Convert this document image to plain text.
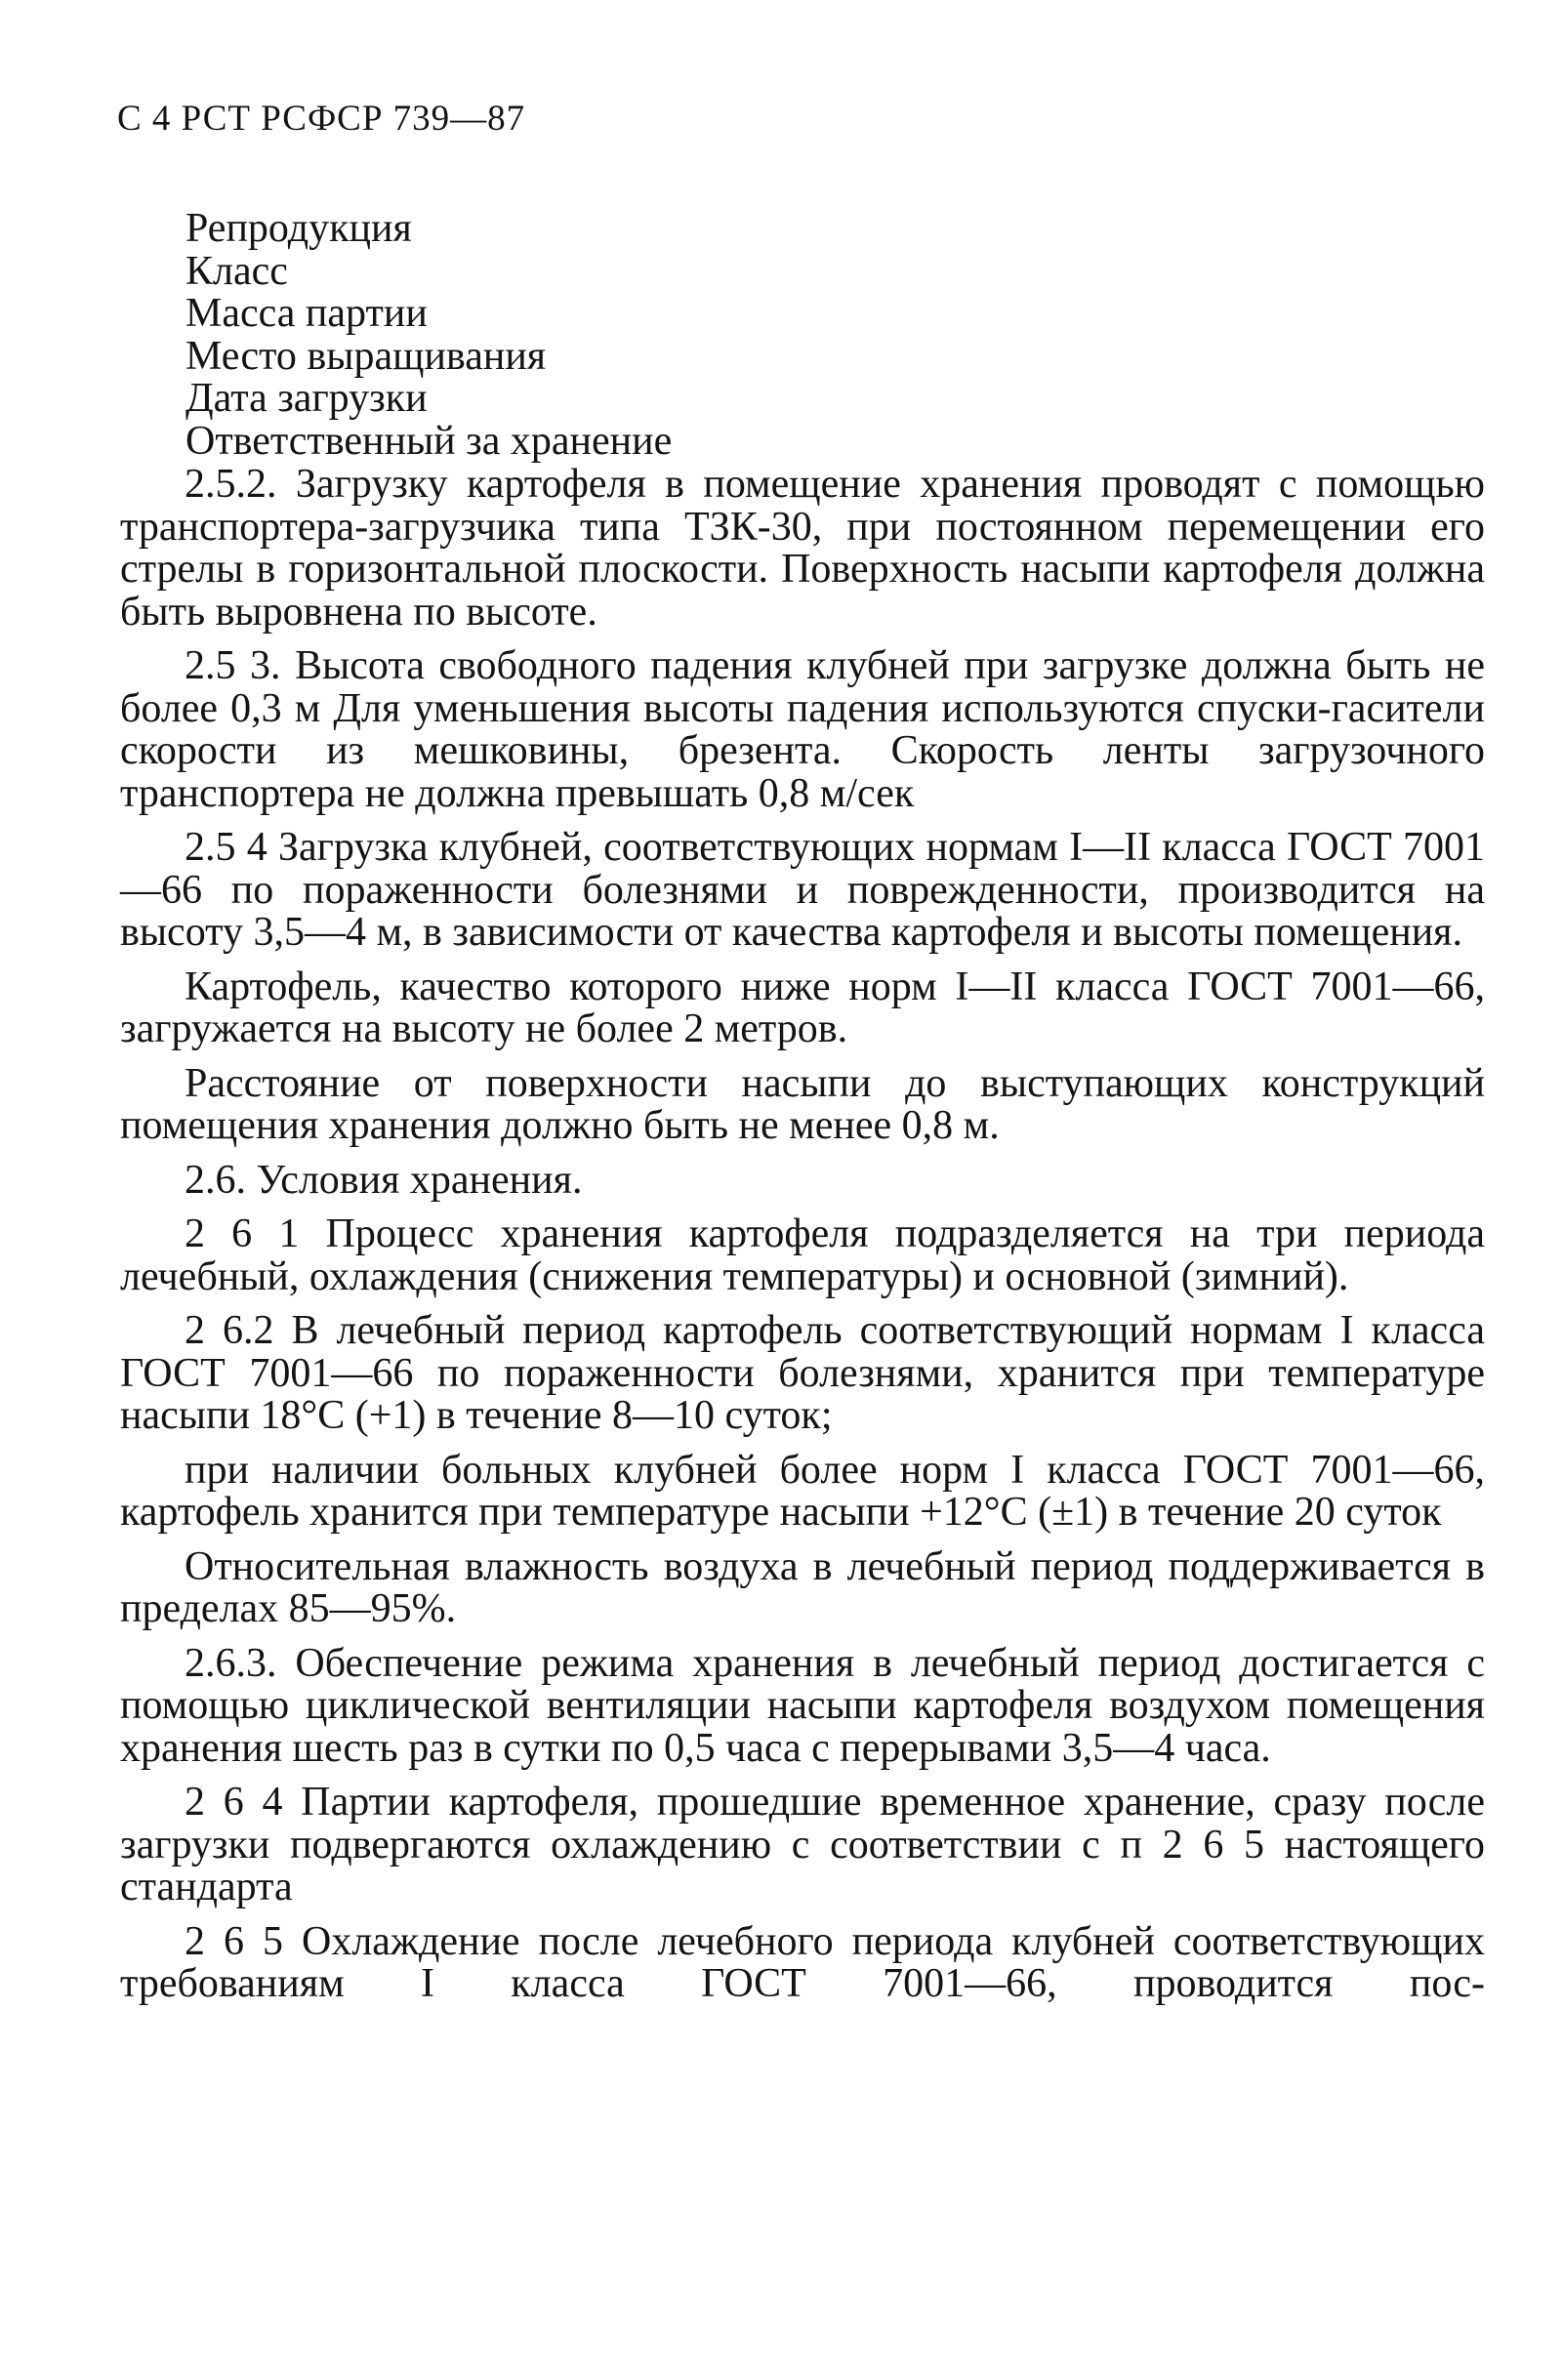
С 4 РСТ РСФСР 739—87
Репродукция
Класс
Масса партии
Место выращивания
Дата загрузки
Ответственный за хранение

2.5.2. Загрузку картофеля в помещение хранения проводят с помощью транспортера-загрузчика типа ТЗК-30, при постоянном перемещении его стрелы в горизонтальной плоскости. Поверхность насыпи картофеля должна быть выровнена по высоте.

2.5 3. Высота свободного падения клубней при загрузке должна быть не более 0,3 м Для уменьшения высоты падения используются спуски-гасители скорости из мешковины, брезента. Скорость ленты загрузочного транспортера не должна превышать 0,8 м/сек

2.5 4 Загрузка клубней, соответствующих нормам I—II класса ГОСТ 7001—66 по пораженности болезнями и поврежденности, производится на высоту 3,5—4 м, в зависимости от качества картофеля и высоты помещения.

Картофель, качество которого ниже норм I—II класса ГОСТ 7001—66, загружается на высоту не более 2 метров.

Расстояние от поверхности насыпи до выступающих конструкций помещения хранения должно быть не менее 0,8 м.

2.6. Условия хранения.

2 6 1 Процесс хранения картофеля подразделяется на три периода лечебный, охлаждения (снижения температуры) и основной (зимний).

2 6.2 В лечебный период картофель соответствующий нормам I класса ГОСТ 7001—66 по пораженности болезнями, хранится при температуре насыпи 18°С (+1) в течение 8—10 суток;

при наличии больных клубней более норм I класса ГОСТ 7001—66, картофель хранится при температуре насыпи +12°С (±1) в течение 20 суток

Относительная влажность воздуха в лечебный период поддерживается в пределах 85—95%.

2.6.3. Обеспечение режима хранения в лечебный период достигается с помощью циклической вентиляции насыпи картофеля воздухом помещения хранения шесть раз в сутки по 0,5 часа с перерывами 3,5—4 часа.

2 6 4 Партии картофеля, прошедшие временное хранение, сразу после загрузки подвергаются охлаждению с соответствии с п 2 6 5 настоящего стандарта

2 6 5 Охлаждение после лечебного периода клубней соответствующих требованиям I класса ГОСТ 7001—66, проводится пос-
